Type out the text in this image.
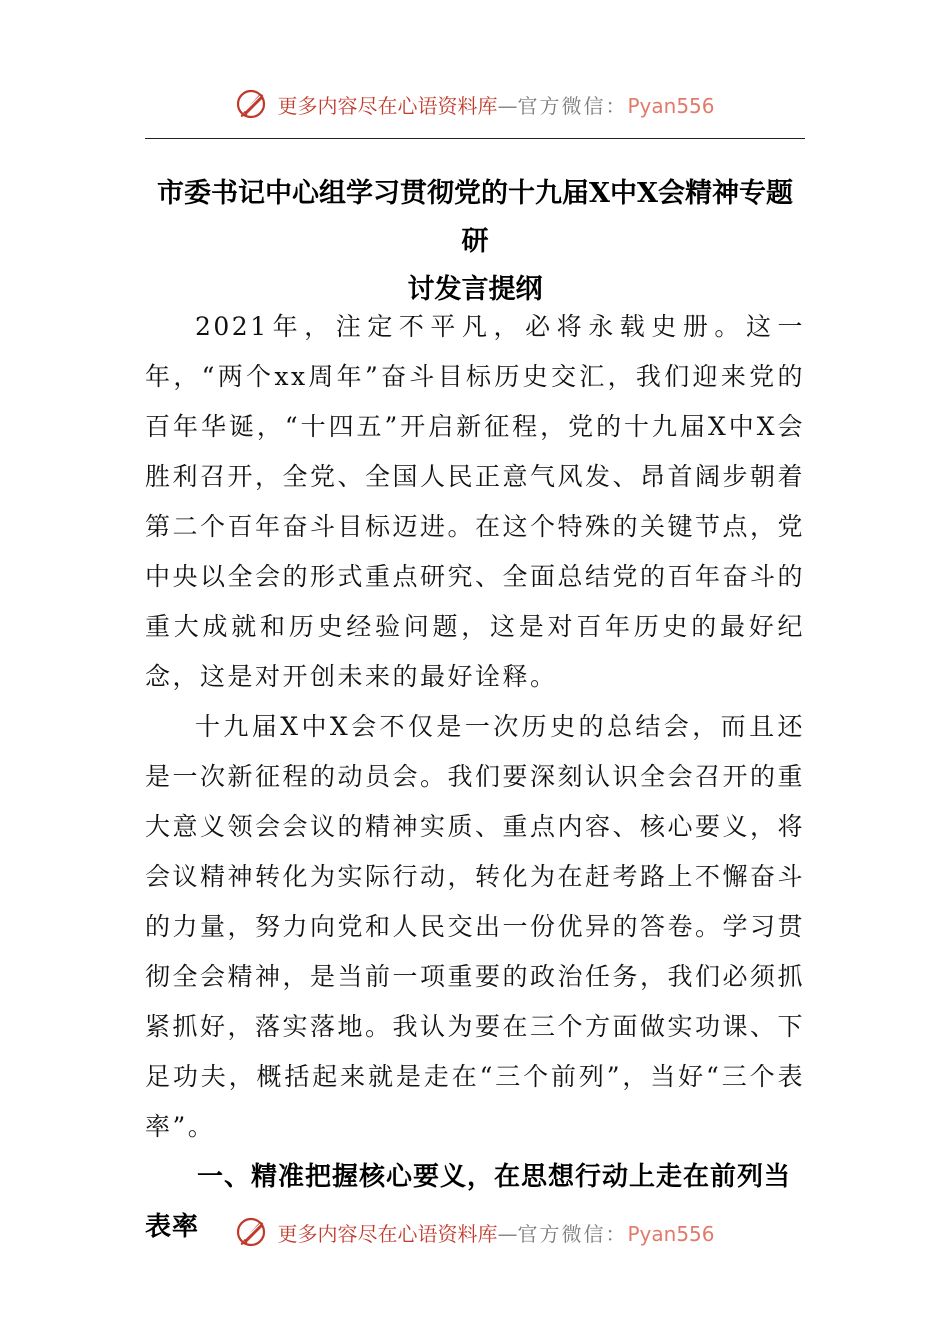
更多内容尽在心语资料库—官方微信：Pyan556
市委书记中心组学习贯彻党的十九届X中X会精神专题研
讨发言提纲

2021年，注定不平凡，必将永载史册。这一年，“两个xx周年”奋斗目标历史交汇，我们迎来党的百年华诞，“十四五”开启新征程，党的十九届X中X会胜利召开，全党、全国人民正意气风发、昂首阔步朝着第二个百年奋斗目标迈进。在这个特殊的关键节点，党中央以全会的形式重点研究、全面总结党的百年奋斗的重大成就和历史经验问题，这是对百年历史的最好纪念，这是对开创未来的最好诠释。

十九届X中X会不仅是一次历史的总结会，而且还是一次新征程的动员会。我们要深刻认识全会召开的重大意义领会会议的精神实质、重点内容、核心要义，将会议精神转化为实际行动，转化为在赶考路上不懈奋斗的力量，努力向党和人民交出一份优异的答卷。学习贯彻全会精神，是当前一项重要的政治任务，我们必须抓紧抓好，落实落地。我认为要在三个方面做实功课、下足功夫，概括起来就是走在“三个前列”，当好“三个表率”。

一、精准把握核心要义，在思想行动上走在前列当表率	更多内容尽在心语资料库—官方微信：Pyan556
